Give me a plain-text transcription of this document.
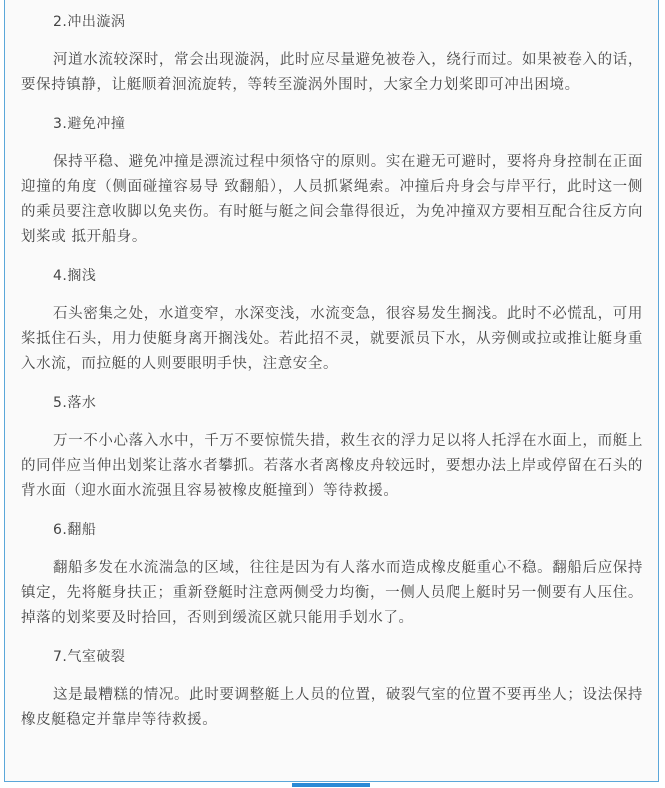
2.冲出漩涡

河道水流较深时，常会出现漩涡，此时应尽量避免被卷入，绕行而过。如果被卷入的话，要保持镇静，让艇顺着洄流旋转，等转至漩涡外围时，大家全力划桨即可冲出困境。

3.避免冲撞

保持平稳、避免冲撞是漂流过程中须恪守的原则。实在避无可避时，要将舟身控制在正面迎撞的角度（侧面碰撞容易导 致翻船），人员抓紧绳索。冲撞后舟身会与岸平行，此时这一侧的乘员要注意收脚以免夹伤。有时艇与艇之间会靠得很近，为免冲撞双方要相互配合往反方向划桨或 抵开船身。

4.搁浅

石头密集之处，水道变窄，水深变浅，水流变急，很容易发生搁浅。此时不必慌乱，可用桨抵住石头，用力使艇身离开搁浅处。若此招不灵，就要派员下水，从旁侧或拉或推让艇身重入水流，而拉艇的人则要眼明手快，注意安全。

5.落水

万一不小心落入水中，千万不要惊慌失措，救生衣的浮力足以将人托浮在水面上，而艇上的同伴应当伸出划桨让落水者攀抓。若落水者离橡皮舟较远时，要想办法上岸或停留在石头的背水面（迎水面水流强且容易被橡皮艇撞到）等待救援。

6.翻船

翻船多发在水流湍急的区域，往往是因为有人落水而造成橡皮艇重心不稳。翻船后应保持镇定，先将艇身扶正；重新登艇时注意两侧受力均衡，一侧人员爬上艇时另一侧要有人压住。掉落的划桨要及时拾回，否则到缓流区就只能用手划水了。

7.气室破裂

这是最糟糕的情况。此时要调整艇上人员的位置，破裂气室的位置不要再坐人；设法保持橡皮艇稳定并靠岸等待救援。
